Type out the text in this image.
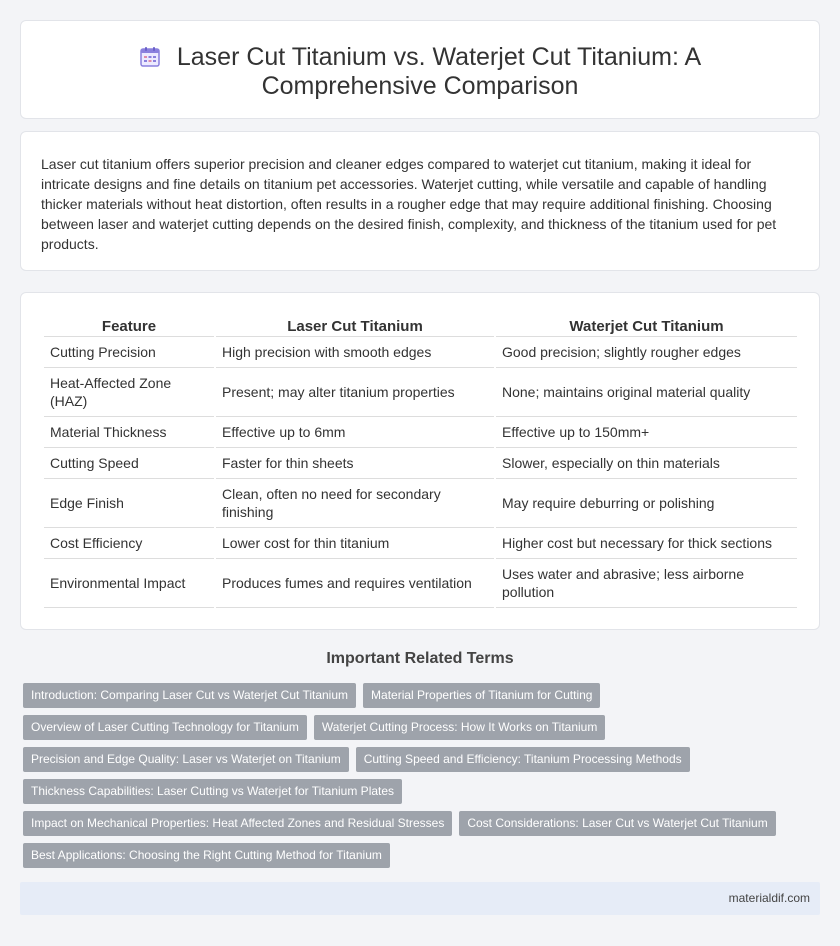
Laser Cut Titanium vs. Waterjet Cut Titanium: A Comprehensive Comparison

Laser cut titanium offers superior precision and cleaner edges compared to waterjet cut titanium, making it ideal for intricate designs and fine details on titanium pet accessories. Waterjet cutting, while versatile and capable of handling thicker materials without heat distortion, often results in a rougher edge that may require additional finishing. Choosing between laser and waterjet cutting depends on the desired finish, complexity, and thickness of the titanium used for pet products.

Feature	Laser Cut Titanium	Waterjet Cut Titanium
Cutting Precision	High precision with smooth edges	Good precision; slightly rougher edges
Heat-Affected Zone (HAZ)	Present; may alter titanium properties	None; maintains original material quality
Material Thickness	Effective up to 6mm	Effective up to 150mm+
Cutting Speed	Faster for thin sheets	Slower, especially on thin materials
Edge Finish	Clean, often no need for secondary finishing	May require deburring or polishing
Cost Efficiency	Lower cost for thin titanium	Higher cost but necessary for thick sections
Environmental Impact	Produces fumes and requires ventilation	Uses water and abrasive; less airborne pollution
Important Related Terms
Introduction: Comparing Laser Cut vs Waterjet Cut Titanium Material Properties of Titanium for Cutting
Overview of Laser Cutting Technology for Titanium Waterjet Cutting Process: How It Works on Titanium
Precision and Edge Quality: Laser vs Waterjet on Titanium Cutting Speed and Efficiency: Titanium Processing Methods
Thickness Capabilities: Laser Cutting vs Waterjet for Titanium Plates
Impact on Mechanical Properties: Heat Affected Zones and Residual Stresses Cost Considerations: Laser Cut vs Waterjet Cut Titanium
Best Applications: Choosing the Right Cutting Method for Titanium
materialdif.com
